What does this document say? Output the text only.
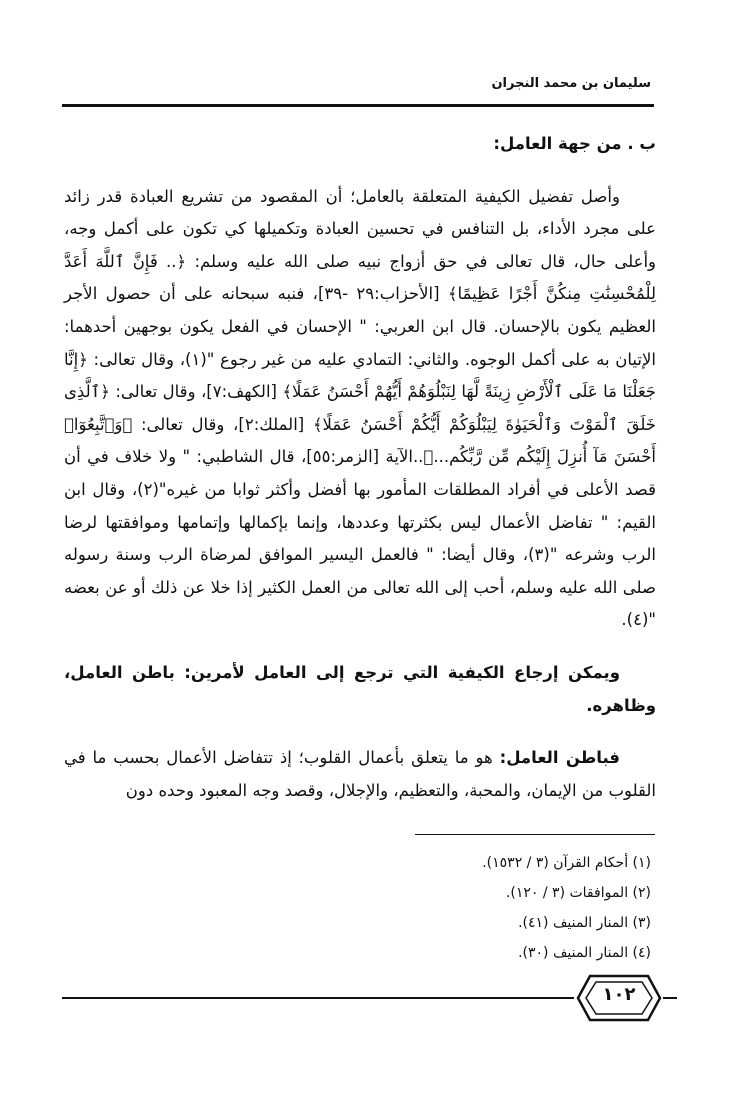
سليمان بن محمد النجران

ب . من جهة العامل:

وأصل تفضيل الكيفية المتعلقة بالعامل؛ أن المقصود من تشريع العبادة قدر زائد على مجرد الأداء، بل التنافس في تحسين العبادة وتكميلها كي تكون على أكمل وجه، وأعلى حال، قال تعالى في حق أزواج نبيه صلى الله عليه وسلم: ﴿.. فَإِنَّ ٱللَّهَ أَعَدَّ لِلْمُحْسِنَٰتِ مِنكُنَّ أَجْرًا عَظِيمًا﴾ [الأحزاب:٢٩ -٣٩]، فنبه سبحانه على أن حصول الأجر العظيم يكون بالإحسان. قال ابن العربي: " الإحسان في الفعل يكون بوجهين أحدهما: الإتيان به على أكمل الوجوه. والثاني: التمادي عليه من غير رجوع "(١)، وقال تعالى: ﴿إِنَّا جَعَلْنَا مَا عَلَى ٱلْأَرْضِ زِينَةً لَّهَا لِنَبْلُوَهُمْ أَيُّهُمْ أَحْسَنُ عَمَلًا﴾ [الكهف:٧]، وقال تعالى: ﴿ٱلَّذِى خَلَقَ ٱلْمَوْتَ وَٱلْحَيَوٰةَ لِيَبْلُوَكُمْ أَيُّكُمْ أَحْسَنُ عَمَلًا﴾ [الملك:٢]، وقال تعالى: ﴿وَٱتَّبِعُوٓا۟ أَحْسَنَ مَآ أُنزِلَ إِلَيْكُم مِّن رَّبِّكُم...﴾..الآية [الزمر:٥٥]، قال الشاطبي: " ولا خلاف في أن قصد الأعلى في أفراد المطلقات المأمور بها أفضل وأكثر ثوابا من غيره"(٢)، وقال ابن القيم: " تفاضل الأعمال ليس بكثرتها وعددها، وإنما بإكمالها وإتمامها وموافقتها لرضا الرب وشرعه "(٣)، وقال أيضا: " فالعمل اليسير الموافق لمرضاة الرب وسنة رسوله صلى الله عليه وسلم، أحب إلى الله تعالى من العمل الكثير إذا خلا عن ذلك أو عن بعضه "(٤).

ويمكن إرجاع الكيفية التي ترجع إلى العامل لأمرين: باطن العامل، وظاهره.

فباطن العامل: هو ما يتعلق بأعمال القلوب؛ إذ تتفاضل الأعمال بحسب ما في القلوب من الإيمان، والمحبة، والتعظيم، والإجلال، وقصد وجه المعبود وحده دون

(١) أحكام القرآن (٣ / ١٥٣٢).
(٢) الموافقات (٣ / ١٢٠).
(٣) المنار المنيف (٤١).
(٤) المنار المنيف (٣٠).
١٠٢
